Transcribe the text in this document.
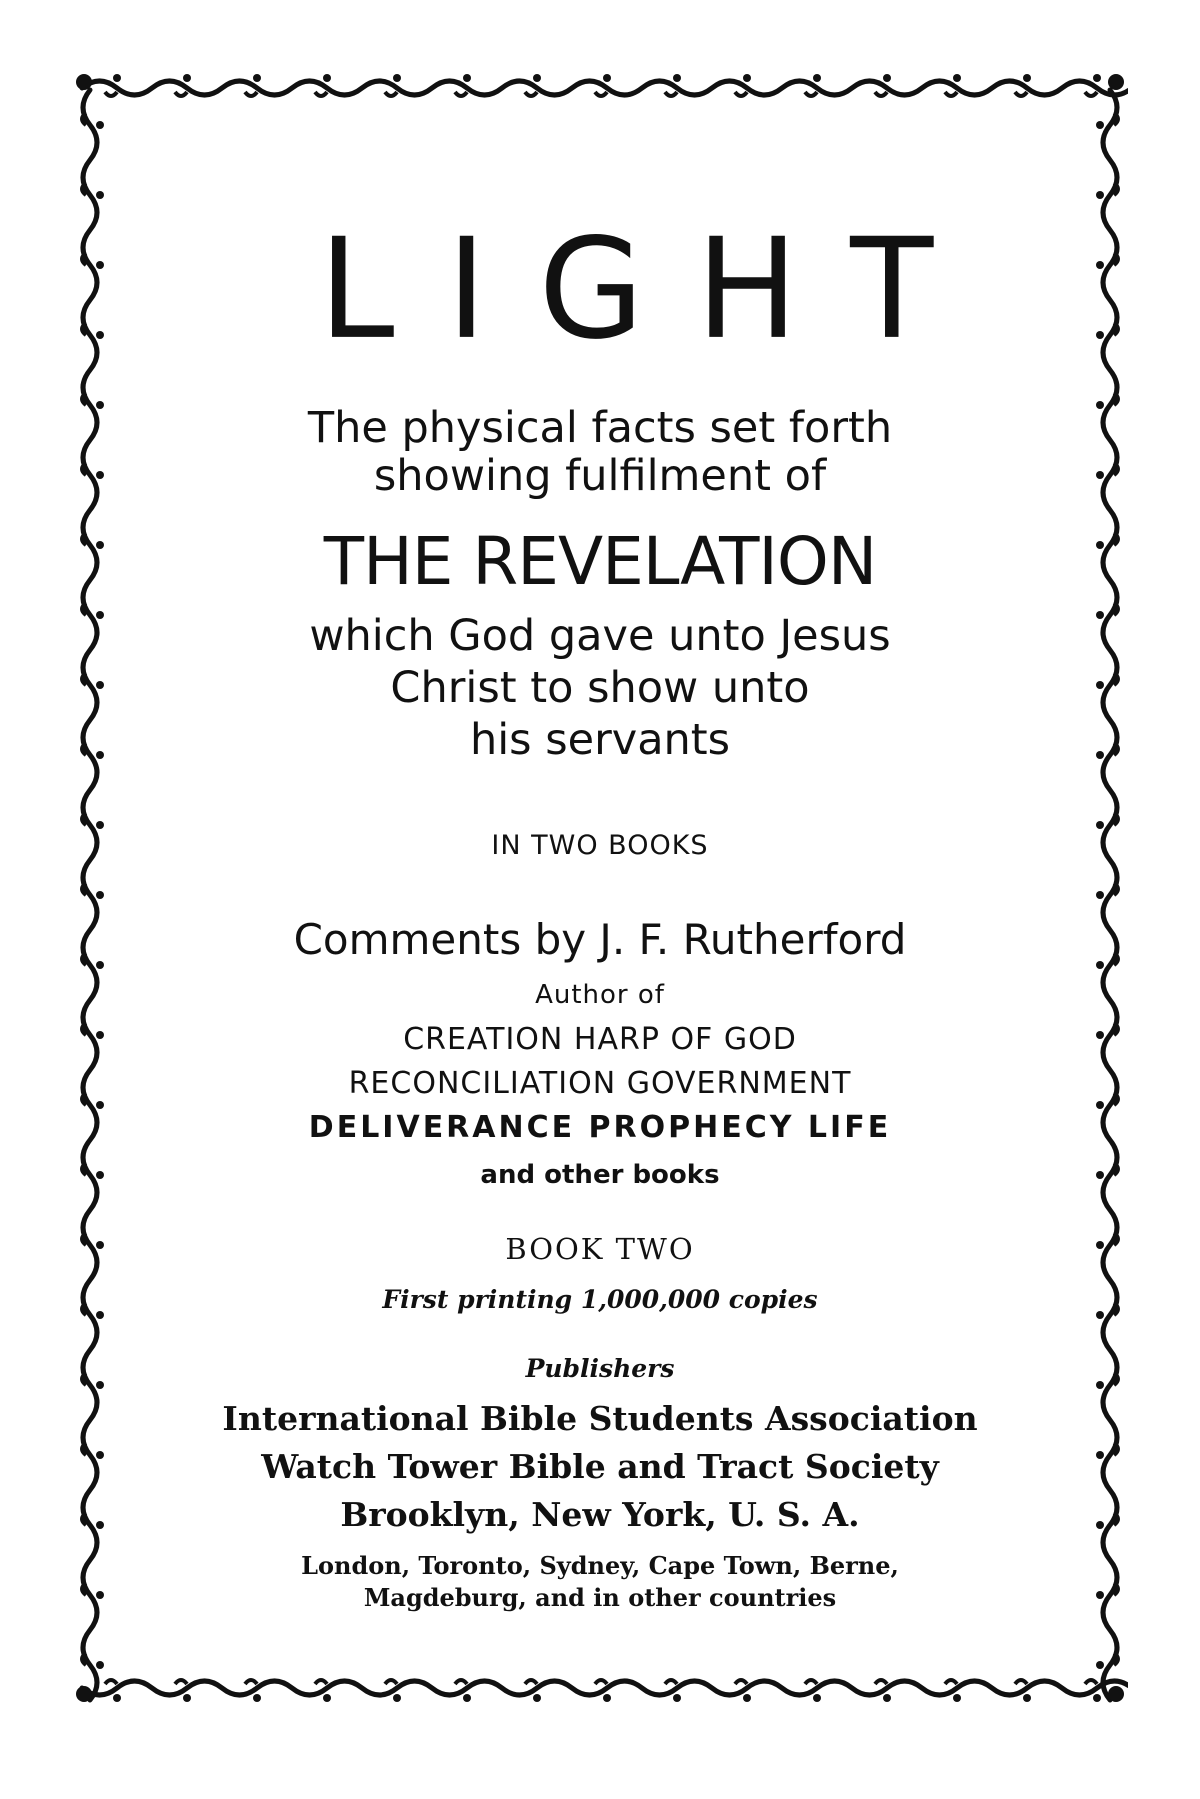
LIGHT
The physical facts set forth
showing fulfilment of
THE REVELATION
which God gave unto Jesus
Christ to show unto
his servants
IN TWO BOOKS
Comments by J. F. Rutherford
Author of
CREATION HARP OF GOD
RECONCILIATION GOVERNMENT
DELIVERANCE PROPHECY LIFE
and other books
BOOK TWO
First printing 1,000,000 copies
Publishers
International Bible Students Association
Watch Tower Bible and Tract Society
Brooklyn, New York, U. S. A.
London, Toronto, Sydney, Cape Town, Berne,
Magdeburg, and in other countries
